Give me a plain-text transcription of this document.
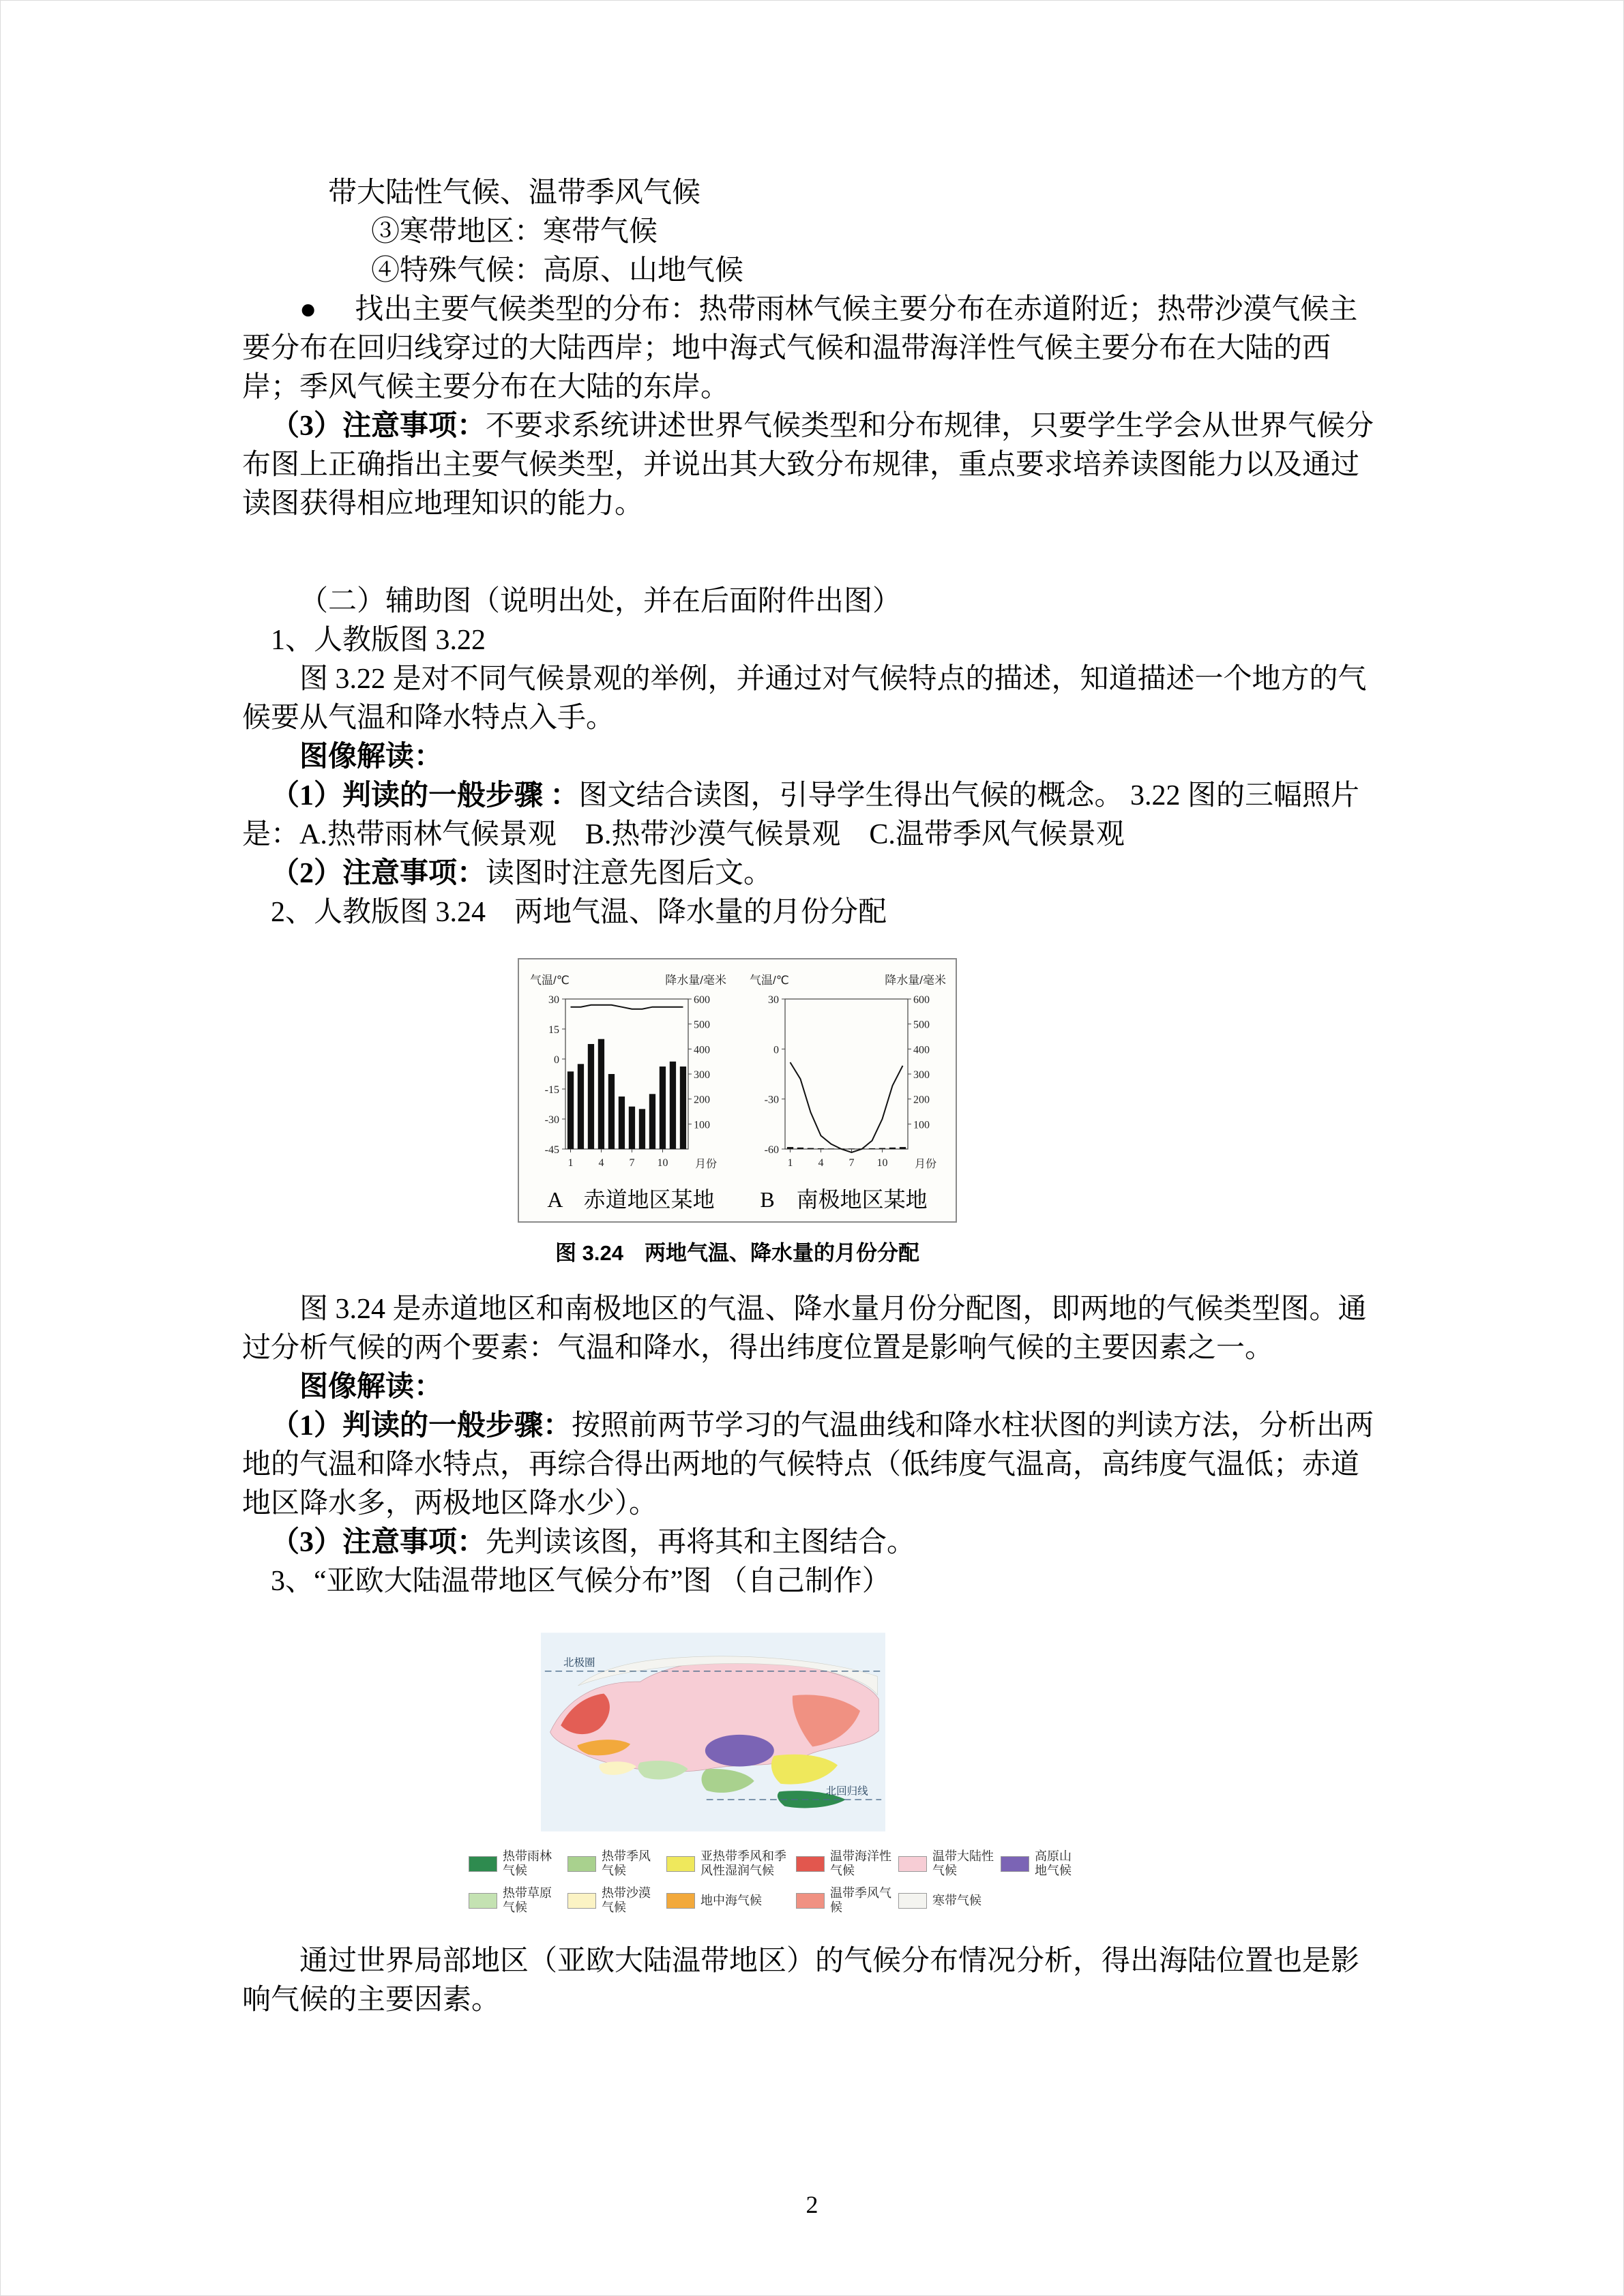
带大陆性气候、温带季风气候

③寒带地区：寒带气候

④特殊气候：高原、山地气候

● 找出主要气候类型的分布：热带雨林气候主要分布在赤道附近；热带沙漠气候主要分布在回归线穿过的大陆西岸；地中海式气候和温带海洋性气候主要分布在大陆的西岸；季风气候主要分布在大陆的东岸。

（3）注意事项：不要求系统讲述世界气候类型和分布规律，只要学生学会从世界气候分布图上正确指出主要气候类型，并说出其大致分布规律，重点要求培养读图能力以及通过读图获得相应地理知识的能力。

（二）辅助图（说明出处，并在后面附件出图）

1、人教版图 3.22

图 3.22 是对不同气候景观的举例，并通过对气候特点的描述，知道描述一个地方的气候要从气温和降水特点入手。

图像解读：

（1）判读的一般步骤 ：图文结合读图，引导学生得出气候的概念。 3.22 图的三幅照片是：A.热带雨林气候景观　B.热带沙漠气候景观　C.温带季风气候景观

（2）注意事项：读图时注意先图后文。

2、人教版图 3.24　两地气温、降水量的月份分配

气温/℃	降水量/毫米
30
15
0
-15
-30
-45
600
500
400
300
200
100
1 4 7 10 月份
气温/℃	降水量/毫米
30
0
-30
-60
600
500
400
300
200
100
1 4 7 10 月份
A　赤道地区某地	B　南极地区某地
图 3.24　两地气温、降水量的月份分配

图 3.24 是赤道地区和南极地区的气温、降水量月份分配图，即两地的气候类型图。通过分析气候的两个要素：气温和降水，得出纬度位置是影响气候的主要因素之一。

图像解读：

（1）判读的一般步骤：按照前两节学习的气温曲线和降水柱状图的判读方法，分析出两地的气温和降水特点，再综合得出两地的气候特点（低纬度气温高，高纬度气温低；赤道地区降水多，两极地区降水少）。

（3）注意事项：先判读该图，再将其和主图结合。

3、“亚欧大陆温带地区气候分布”图 （自己制作）

北极圈
北回归线
热带雨林气候
热带季风气候
亚热带季风和季风性湿润气候
温带海洋性气候
温带大陆性气候
高原山地气候
热带草原气候
热带沙漠气候
地中海气候
温带季风气候
寒带气候

通过世界局部地区（亚欧大陆温带地区）的气候分布情况分析，得出海陆位置也是影响气候的主要因素。

2
